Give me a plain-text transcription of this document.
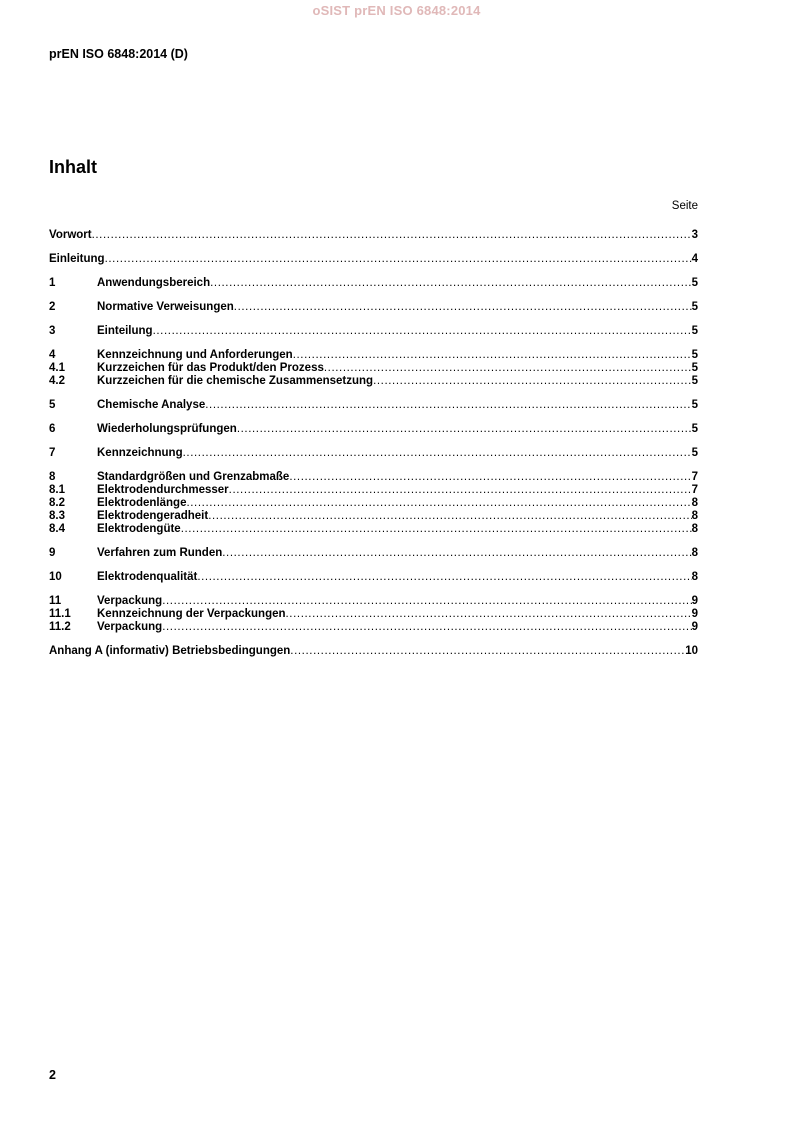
oSIST prEN ISO 6848:2014
prEN ISO 6848:2014 (D)
Inhalt
Seite
Vorwort .....	3
Einleitung .....	4
1	Anwendungsbereich .....	5
2	Normative Verweisungen .....	5
3	Einteilung .....	5
4	Kennzeichnung und Anforderungen .....	5
4.1	Kurzzeichen für das Produkt/den Prozess .....	5
4.2	Kurzzeichen für die chemische Zusammensetzung .....	5
5	Chemische Analyse .....	5
6	Wiederholungsprüfungen .....	5
7	Kennzeichnung .....	5
8	Standardgrößen und Grenzabmaße .....	7
8.1	Elektrodendurchmesser .....	7
8.2	Elektrodenlänge .....	8
8.3	Elektrodengeradheit .....	8
8.4	Elektrodengüte .....	8
9	Verfahren zum Runden .....	8
10	Elektrodenqualität .....	8
11	Verpackung .....	9
11.1	Kennzeichnung der Verpackungen .....	9
11.2	Verpackung .....	9
Anhang A (informativ) Betriebsbedingungen .....	10
2
